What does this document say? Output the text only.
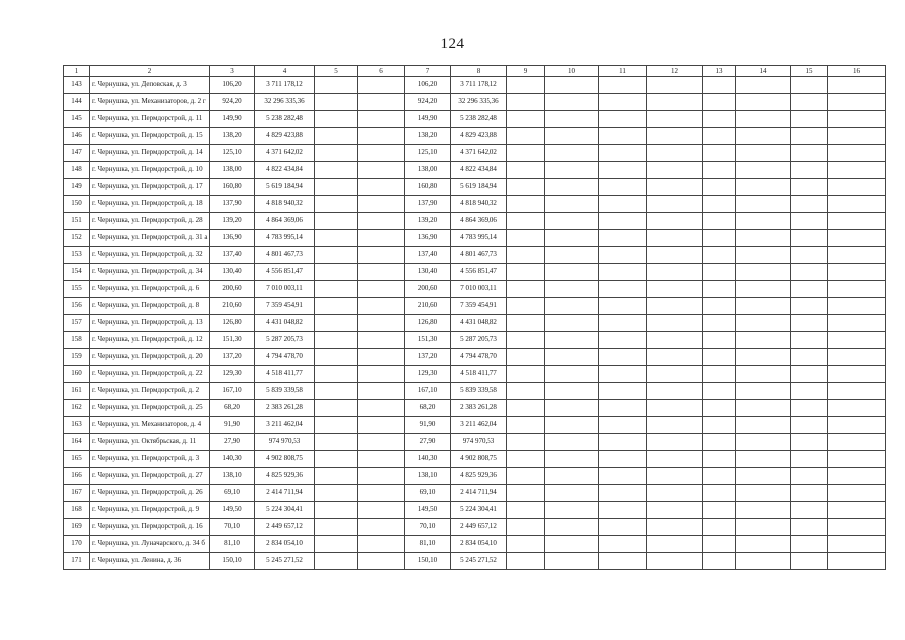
124
1	2	3	4	5	6	7	8	9	10	11	12	13	14	15	16
143	г. Чернушка, ул. Деповская, д. 3	106,20	3 711 178,12			106,20	3 711 178,12								
144	г. Чернушка, ул. Механизаторов, д. 2 г	924,20	32 296 335,36			924,20	32 296 335,36								
145	г. Чернушка, ул. Пермдорстрой, д. 11	149,90	5 238 282,48			149,90	5 238 282,48								
146	г. Чернушка, ул. Пермдорстрой, д. 15	138,20	4 829 423,88			138,20	4 829 423,88								
147	г. Чернушка, ул. Пермдорстрой, д. 14	125,10	4 371 642,02			125,10	4 371 642,02								
148	г. Чернушка, ул. Пермдорстрой, д. 10	138,00	4 822 434,84			138,00	4 822 434,84								
149	г. Чернушка, ул. Пермдорстрой, д. 17	160,80	5 619 184,94			160,80	5 619 184,94								
150	г. Чернушка, ул. Пермдорстрой, д. 18	137,90	4 818 940,32			137,90	4 818 940,32								
151	г. Чернушка, ул. Пермдорстрой, д. 28	139,20	4 864 369,06			139,20	4 864 369,06								
152	г. Чернушка, ул. Пермдорстрой, д. 31 а	136,90	4 783 995,14			136,90	4 783 995,14								
153	г. Чернушка, ул. Пермдорстрой, д. 32	137,40	4 801 467,73			137,40	4 801 467,73								
154	г. Чернушка, ул. Пермдорстрой, д. 34	130,40	4 556 851,47			130,40	4 556 851,47								
155	г. Чернушка, ул. Пермдорстрой, д. 6	200,60	7 010 003,11			200,60	7 010 003,11								
156	г. Чернушка, ул. Пермдорстрой, д. 8	210,60	7 359 454,91			210,60	7 359 454,91								
157	г. Чернушка, ул. Пермдорстрой, д. 13	126,80	4 431 048,82			126,80	4 431 048,82								
158	г. Чернушка, ул. Пермдорстрой, д. 12	151,30	5 287 205,73			151,30	5 287 205,73								
159	г. Чернушка, ул. Пермдорстрой, д. 20	137,20	4 794 478,70			137,20	4 794 478,70								
160	г. Чернушка, ул. Пермдорстрой, д. 22	129,30	4 518 411,77			129,30	4 518 411,77								
161	г. Чернушка, ул. Пермдорстрой, д. 2	167,10	5 839 339,58			167,10	5 839 339,58								
162	г. Чернушка, ул. Пермдорстрой, д. 25	68,20	2 383 261,28			68,20	2 383 261,28								
163	г. Чернушка, ул. Механизаторов, д. 4	91,90	3 211 462,04			91,90	3 211 462,04								
164	г. Чернушка, ул. Октябрьская, д. 11	27,90	974 970,53			27,90	974 970,53								
165	г. Чернушка, ул. Пермдорстрой, д. 3	140,30	4 902 808,75			140,30	4 902 808,75								
166	г. Чернушка, ул. Пермдорстрой, д. 27	138,10	4 825 929,36			138,10	4 825 929,36								
167	г. Чернушка, ул. Пермдорстрой, д. 26	69,10	2 414 711,94			69,10	2 414 711,94								
168	г. Чернушка, ул. Пермдорстрой, д. 9	149,50	5 224 304,41			149,50	5 224 304,41								
169	г. Чернушка, ул. Пермдорстрой, д. 16	70,10	2 449 657,12			70,10	2 449 657,12								
170	г. Чернушка, ул. Луначарского, д. 34 б	81,10	2 834 054,10			81,10	2 834 054,10								
171	г. Чернушка, ул. Ленина, д. 36	150,10	5 245 271,52			150,10	5 245 271,52								
